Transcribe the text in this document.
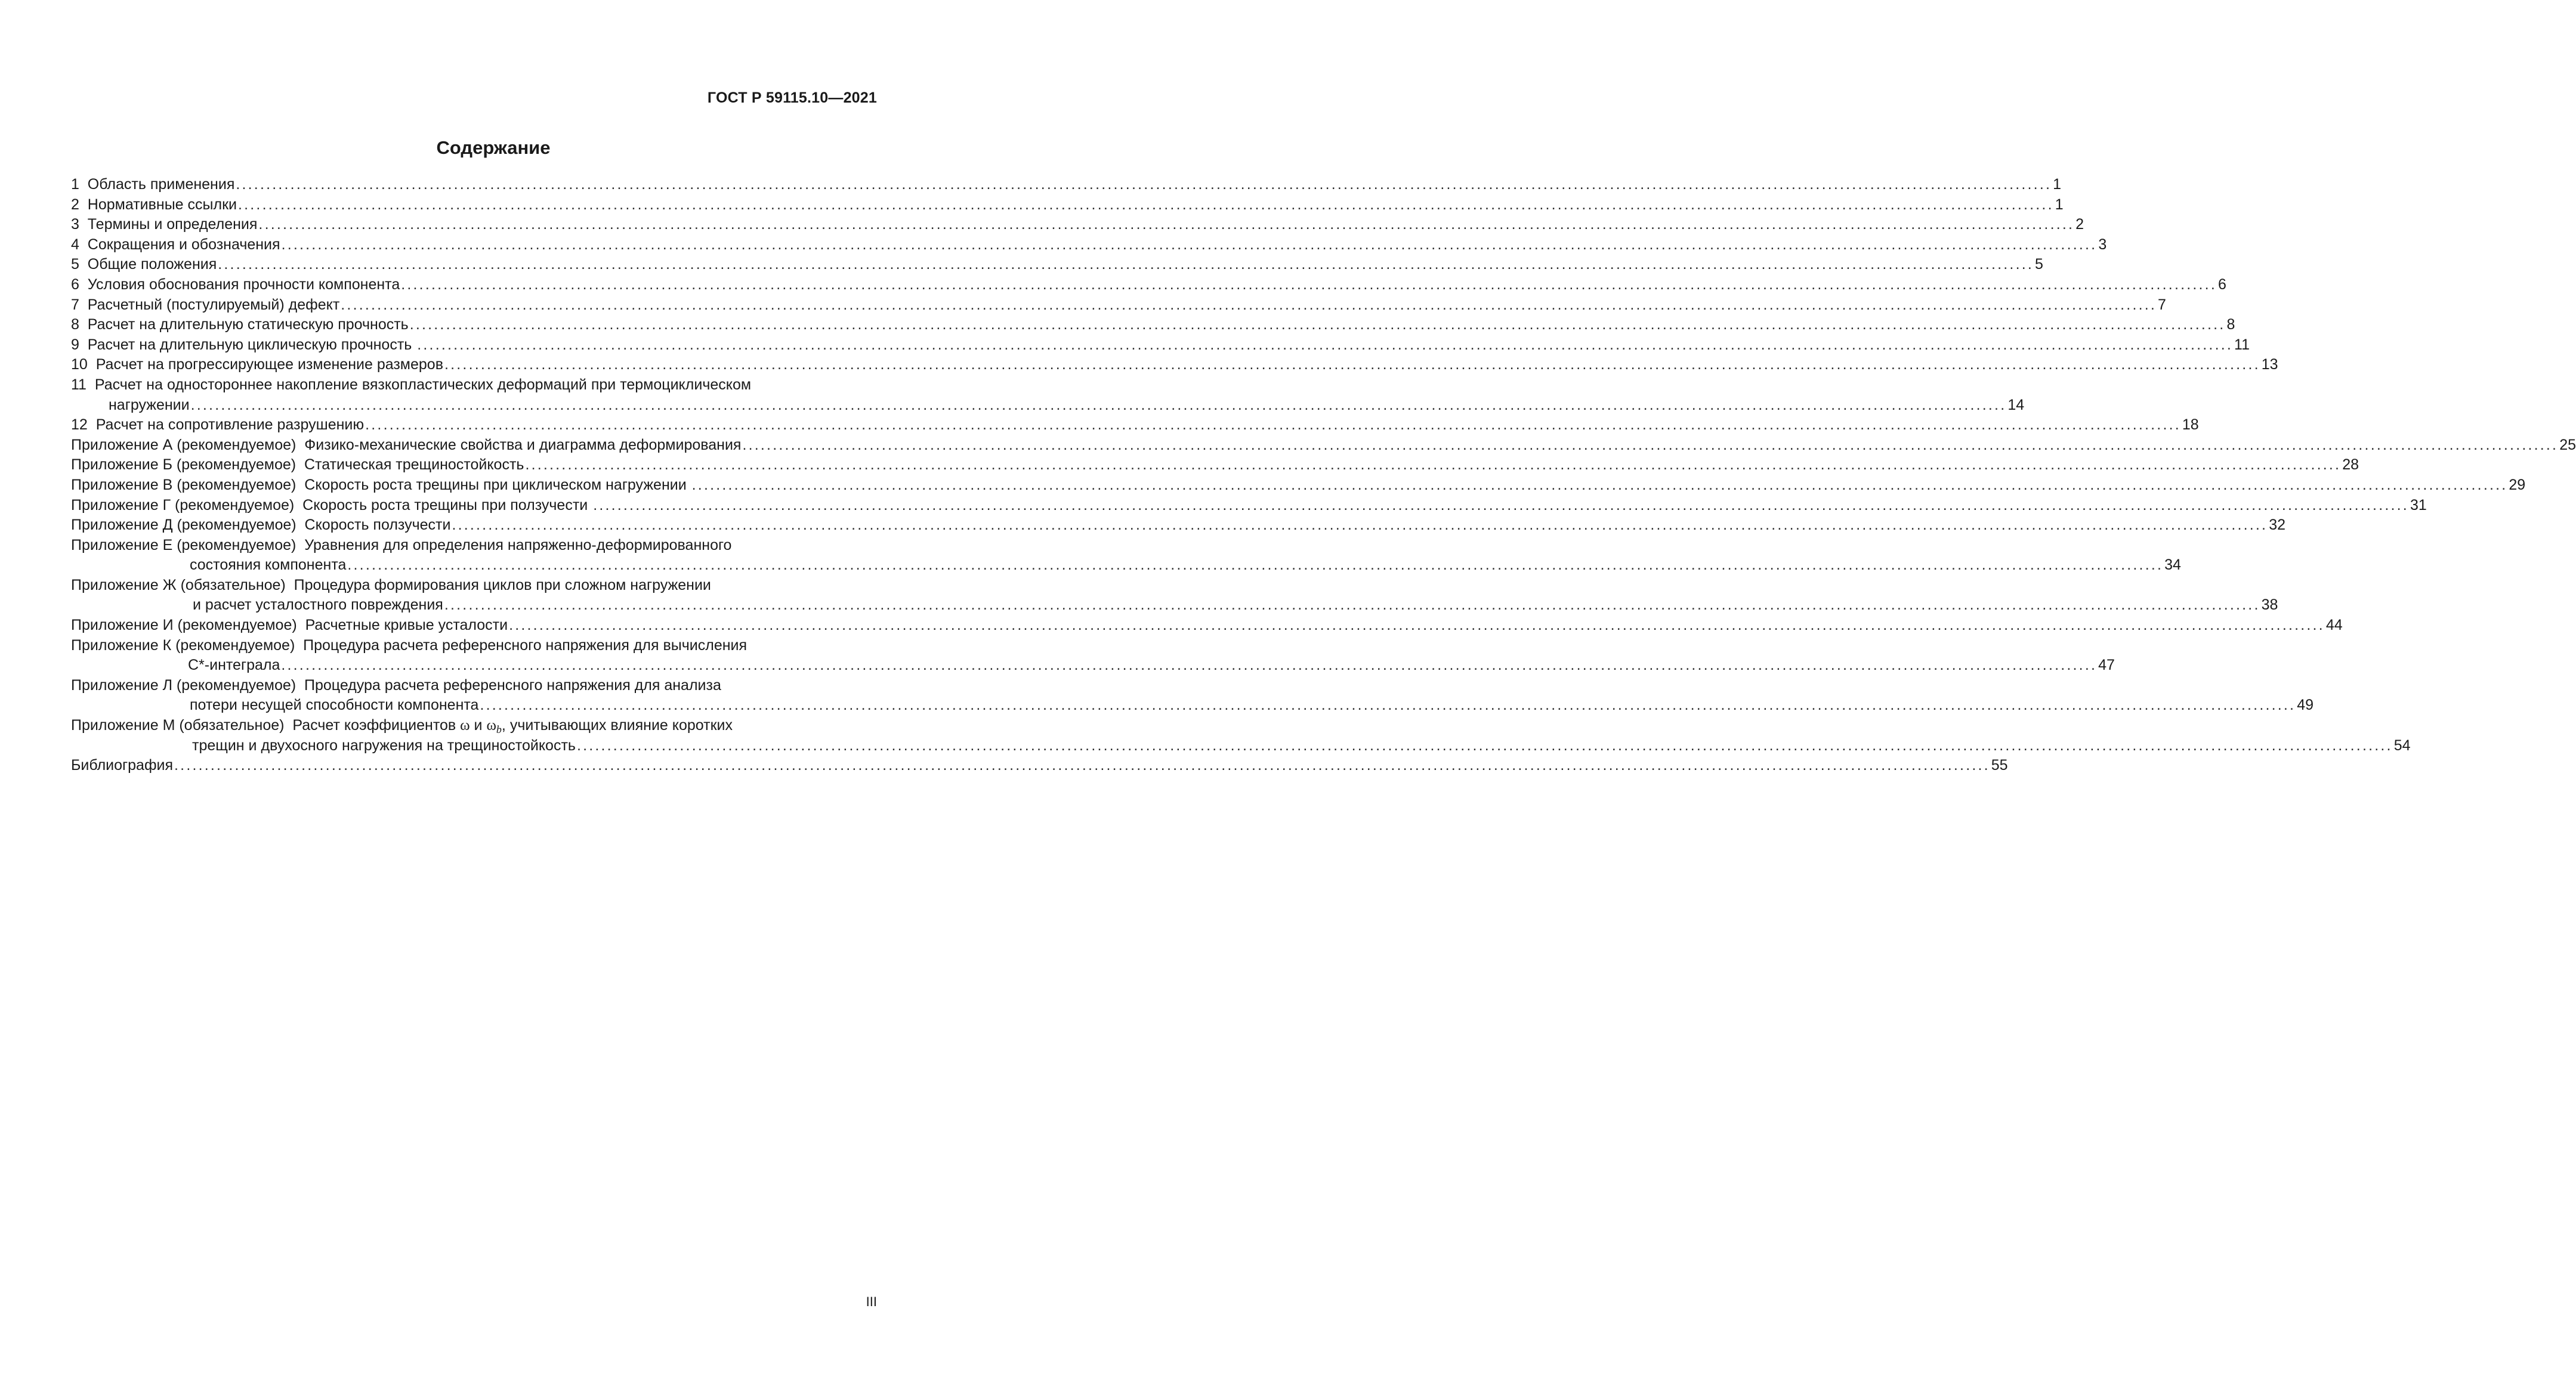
ГОСТ Р 59115.10—2021
Содержание
1  Область применения ............................................................................................................................................................................................................................................................................................................ 1
2  Нормативные ссылки ............................................................................................................................................................................................................................................................................................................ 1
3  Термины и определения ............................................................................................................................................................................................................................................................................................................ 2
4  Сокращения и обозначения ............................................................................................................................................................................................................................................................................................................ 3
5  Общие положения ............................................................................................................................................................................................................................................................................................................ 5
6  Условия обоснования прочности компонента ............................................................................................................................................................................................................................................................................................................ 6
7  Расчетный (постулируемый) дефект ............................................................................................................................................................................................................................................................................................................ 7
8  Расчет на длительную статическую прочность ............................................................................................................................................................................................................................................................................................................ 8
9  Расчет на длительную циклическую прочность ............................................................................................................................................................................................................................................................................................................ 11
10  Расчет на прогрессирующее изменение размеров ............................................................................................................................................................................................................................................................................................................ 13
11  Расчет на одностороннее накопление вязкопластических деформаций при термоциклическом
нагружении ............................................................................................................................................................................................................................................................................................................ 14
12  Расчет на сопротивление разрушению ............................................................................................................................................................................................................................................................................................................ 18
Приложение А (рекомендуемое)  Физико-механические свойства и диаграмма деформирования ............................................................................................................................................................................................................................................................................................................ 25
Приложение Б (рекомендуемое)  Статическая трещиностойкость ............................................................................................................................................................................................................................................................................................................ 28
Приложение В (рекомендуемое)  Скорость роста трещины при циклическом нагружении ............................................................................................................................................................................................................................................................................................................ 29
Приложение Г (рекомендуемое)  Скорость роста трещины при ползучести ............................................................................................................................................................................................................................................................................................................ 31
Приложение Д (рекомендуемое)  Скорость ползучести ............................................................................................................................................................................................................................................................................................................ 32
Приложение Е (рекомендуемое)  Уравнения для определения напряженно-деформированного
состояния компонента ............................................................................................................................................................................................................................................................................................................ 34
Приложение Ж (обязательное)  Процедура формирования циклов при сложном нагружении
и расчет усталостного повреждения ............................................................................................................................................................................................................................................................................................................ 38
Приложение И (рекомендуемое)  Расчетные кривые усталости ............................................................................................................................................................................................................................................................................................................ 44
Приложение К (рекомендуемое)  Процедура расчета референсного напряжения для вычисления
С*-интеграла ............................................................................................................................................................................................................................................................................................................ 47
Приложение Л (рекомендуемое)  Процедура расчета референсного напряжения для анализа
потери несущей способности компонента ............................................................................................................................................................................................................................................................................................................ 49
Приложение М (обязательное)  Расчет коэффициентов ω и $\omega_b$, учитывающих влияние коротких
трещин и двухосного нагружения на трещиностойкость ............................................................................................................................................................................................................................................................................................................ 54
Библиография ............................................................................................................................................................................................................................................................................................................ 55
III
